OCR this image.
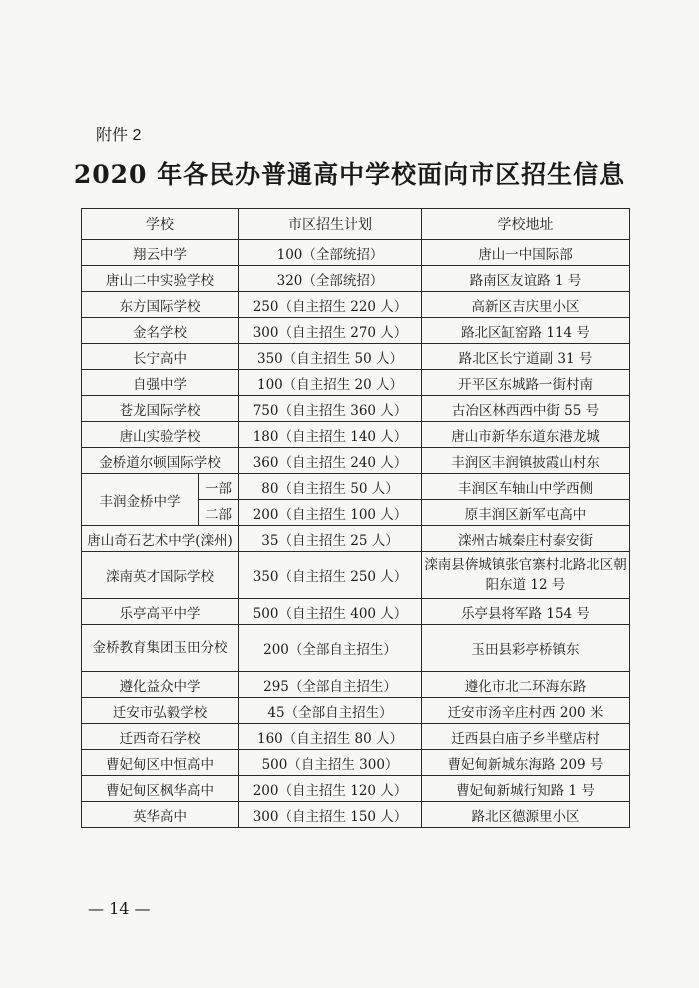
附件 2
2020 年各民办普通高中学校面向市区招生信息
学校		市区招生计划	学校地址
翔云中学		100（全部统招）	唐山一中国际部
唐山二中实验学校		320（全部统招）	路南区友谊路 1 号
东方国际学校		250（自主招生 220 人）	高新区吉庆里小区
金名学校		300（自主招生 270 人）	路北区缸窑路 114 号
长宁高中		350（自主招生 50 人）	路北区长宁道副 31 号
自强中学		100（自主招生 20 人）	开平区东城路一街村南
苍龙国际学校		750（自主招生 360 人）	古冶区林西西中街 55 号
唐山实验学校		180（自主招生 140 人）	唐山市新华东道东港龙城
金桥道尔顿国际学校		360（自主招生 240 人）	丰润区丰润镇披霞山村东
丰润金桥中学	一部	80（自主招生 50 人）	丰润区车轴山中学西侧
	二部	200（自主招生 100 人）	原丰润区新军屯高中
唐山奇石艺术中学(滦州)		35（自主招生 25 人）	滦州古城秦庄村泰安街
滦南英才国际学校		350（自主招生 250 人）	滦南县倴城镇张官寨村北路北区朝阳东道 12 号
乐亭高平中学		500（自主招生 400 人）	乐亭县将军路 154 号
金桥教育集团玉田分校		200（全部自主招生）	玉田县彩亭桥镇东
遵化益众中学		295（全部自主招生）	遵化市北二环海东路
迁安市弘毅学校		45（全部自主招生）	迁安市汤辛庄村西 200 米
迁西奇石学校		160（自主招生 80 人）	迁西县白庙子乡半壁店村
曹妃甸区中恒高中		500（自主招生 300）	曹妃甸新城东海路 209 号
曹妃甸区枫华高中		200（自主招生 120 人）	曹妃甸新城行知路 1 号
英华高中		300（自主招生 150 人）	路北区德源里小区
— 14 —
